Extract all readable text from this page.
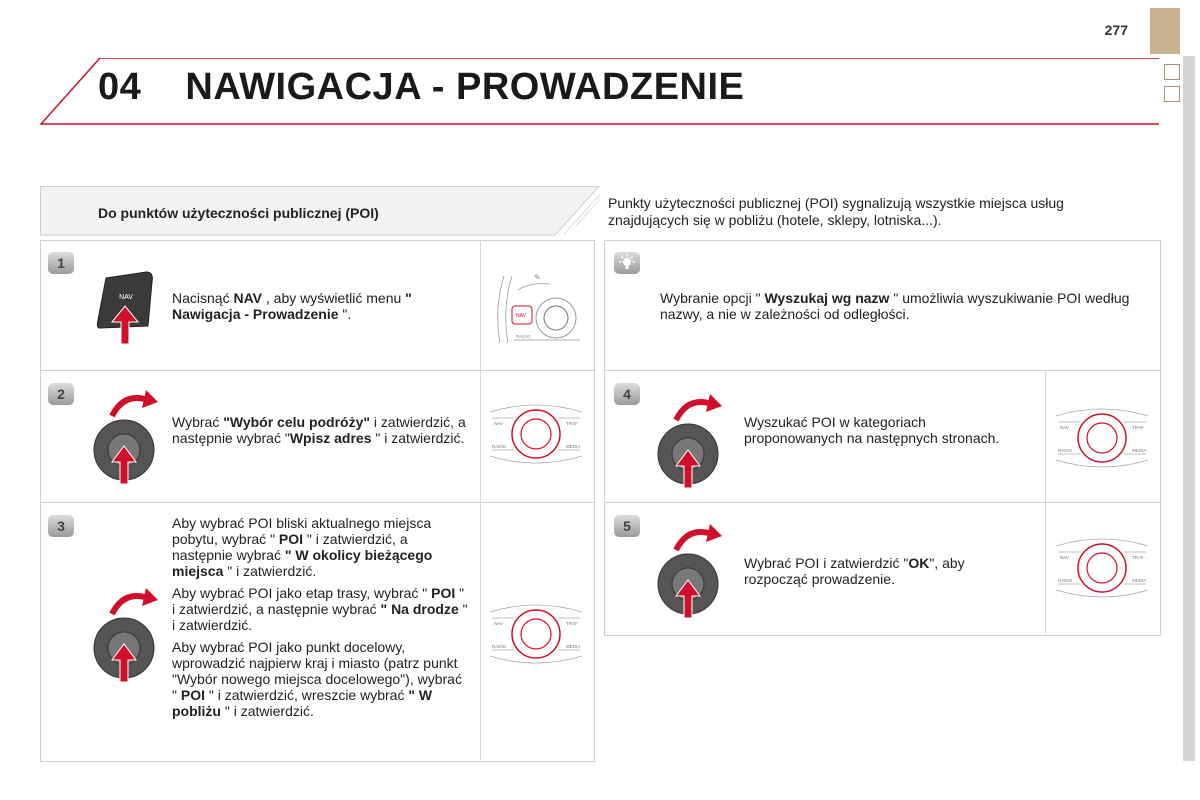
277
04 NAWIGACJA - PROWADZENIE
Do punktów użyteczności publicznej (POI)
Punkty użyteczności publicznej (POI) sygnalizują wszystkie miejsca usług znajdujących się w pobliżu (hotele, sklepy, lotniska...).
1
2
3
4
5
NAV	Nacisnąć NAV , aby wyświetlić menu " Nawigacja - Prowadzenie ".	NAV
RADIO
✎
NAV	TRAF
RADIO	MEDIA
NAV	TRAF
RADIO	MEDIA
NAV	TRAF
RADIO	MEDIA
NAV	TRAF
RADIO	MEDIA
Wybrać "Wybór celu podróży" i zatwierdzić, a następnie wybrać "Wpisz adres " i zatwierdzić.

Aby wybrać POI bliski aktualnego miejsca pobytu, wybrać " POI " i zatwierdzić, a następnie wybrać " W okolicy bieżącego miejsca " i zatwierdzić.

Aby wybrać POI jako etap trasy, wybrać " POI " i zatwierdzić, a następnie wybrać " Na drodze " i zatwierdzić.

Aby wybrać POI jako punkt docelowy, wprowadzić najpierw kraj i miasto (patrz punkt "Wybór nowego miejsca docelowego"), wybrać " POI " i zatwierdzić, wreszcie wybrać " W pobliżu " i zatwierdzić.

Wybranie opcji " Wyszukaj wg nazw " umożliwia wyszukiwanie POI według nazwy, a nie w zależności od odległości.
Wyszukać POI w kategoriach proponowanych na następnych stronach.
Wybrać POI i zatwierdzić "OK", aby rozpocząć prowadzenie.
